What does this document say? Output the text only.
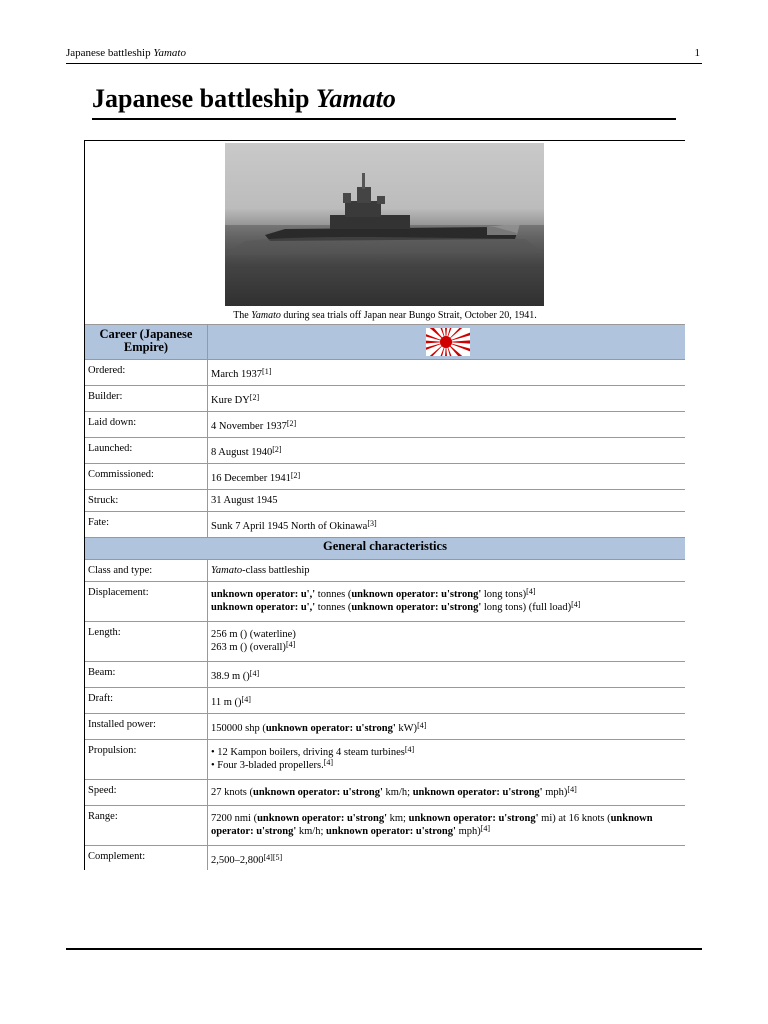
Japanese battleship Yamato	1
Japanese battleship Yamato
The Yamato during sea trials off Japan near Bungo Strait, October 20, 1941.
Career (Japanese Empire)
Ordered:	March 1937[1]
Builder:	Kure DY[2]
Laid down:	4 November 1937[2]
Launched:	8 August 1940[2]
Commissioned:	16 December 1941[2]
Struck:	31 August 1945
Fate:	Sunk 7 April 1945 North of Okinawa[3]
General characteristics
Class and type:	Yamato-class battleship
Displacement:	unknown operator: u',' tonnes (unknown operator: u'strong' long tons)[4]
unknown operator: u',' tonnes (unknown operator: u'strong' long tons) (full load)[4]
Length:	256 m () (waterline)
263 m () (overall)[4]
Beam:	38.9 m ()[4]
Draft:	11 m ()[4]
Installed power:	150000 shp (unknown operator: u'strong' kW)[4]
Propulsion:	• 12 Kampon boilers, driving 4 steam turbines[4]
• Four 3-bladed propellers.[4]
Speed:	27 knots (unknown operator: u'strong' km/h; unknown operator: u'strong' mph)[4]
Range:	7200 nmi (unknown operator: u'strong' km; unknown operator: u'strong' mi) at 16 knots (unknown operator: u'strong' km/h; unknown operator: u'strong' mph)[4]
Complement:	2,500–2,800[4][5]
